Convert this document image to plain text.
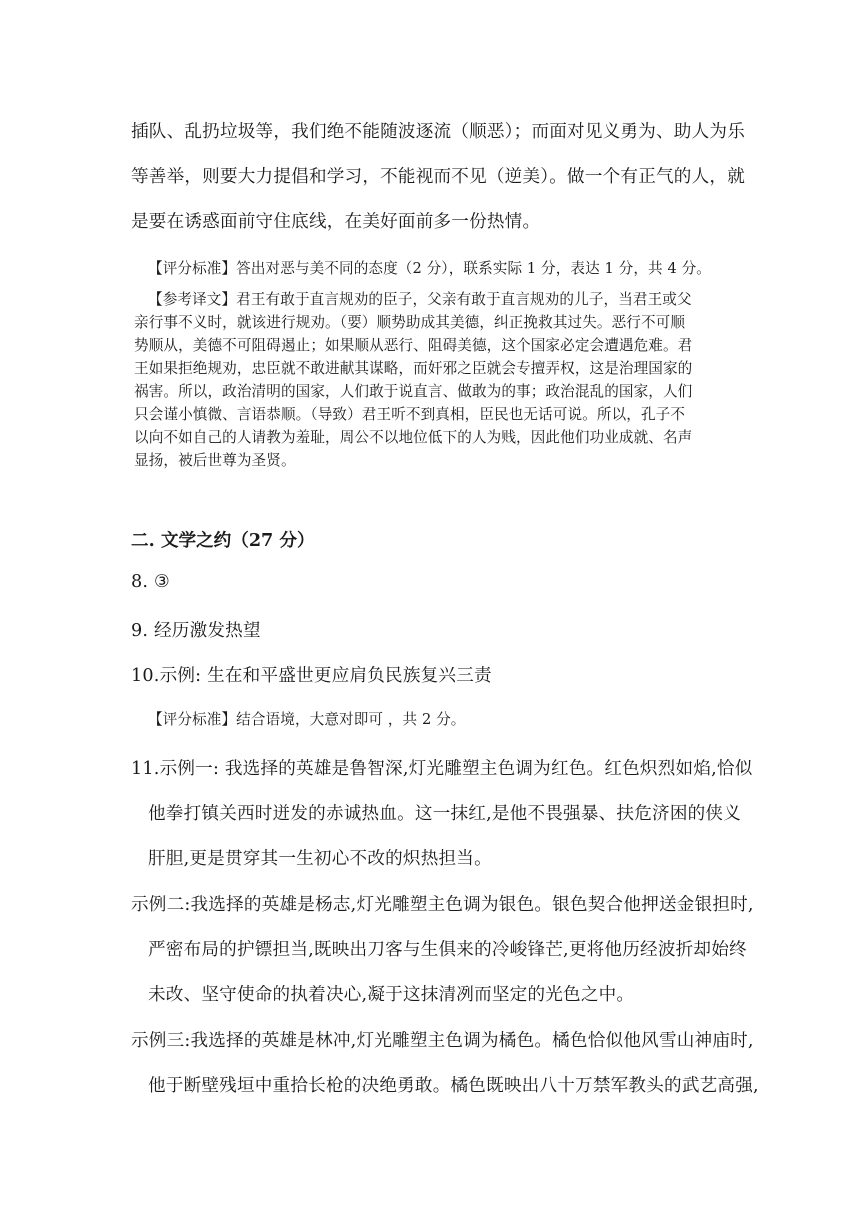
插队、乱扔垃圾等，我们绝不能随波逐流（顺恶）；而面对见义勇为、助人为乐
等善举，则要大力提倡和学习，不能视而不见（逆美）。做一个有正气的人，就
是要在诱惑面前守住底线，在美好面前多一份热情。
【评分标准】答出对恶与美不同的态度（2 分），联系实际 1 分，表达 1 分，共 4 分。
【参考译文】君王有敢于直言规劝的臣子，父亲有敢于直言规劝的儿子，当君王或父
亲行事不义时，就该进行规劝。（要）顺势助成其美德，纠正挽救其过失。恶行不可顺
势顺从，美德不可阻碍遏止；如果顺从恶行、阻碍美德，这个国家必定会遭遇危难。君
王如果拒绝规劝，忠臣就不敢进献其谋略，而奸邪之臣就会专擅弄权，这是治理国家的
祸害。所以，政治清明的国家，人们敢于说直言、做敢为的事；政治混乱的国家，人们
只会谨小慎微、言语恭顺。（导致）君王听不到真相，臣民也无话可说。所以，孔子不
以向不如自己的人请教为羞耻，周公不以地位低下的人为贱，因此他们功业成就、名声
显扬，被后世尊为圣贤。
二. 文学之约（27 分）
8. ③
9. 经历激发热望
10.示例: 生在和平盛世更应肩负民族复兴三责
【评分标准】结合语境，大意对即可 ，共 2 分。
11.示例一: 我选择的英雄是鲁智深,灯光雕塑主色调为红色。红色炽烈如焰,恰似
他拳打镇关西时迸发的赤诚热血。这一抹红,是他不畏强暴、扶危济困的侠义
肝胆,更是贯穿其一生初心不改的炽热担当。
示例二:我选择的英雄是杨志,灯光雕塑主色调为银色。银色契合他押送金银担时,
严密布局的护镖担当,既映出刀客与生俱来的冷峻锋芒,更将他历经波折却始终
未改、坚守使命的执着决心,凝于这抹清冽而坚定的光色之中。
示例三:我选择的英雄是林冲,灯光雕塑主色调为橘色。橘色恰似他风雪山神庙时,
他于断壁残垣中重拾长枪的决绝勇敢。橘色既映出八十万禁军教头的武艺高强,
